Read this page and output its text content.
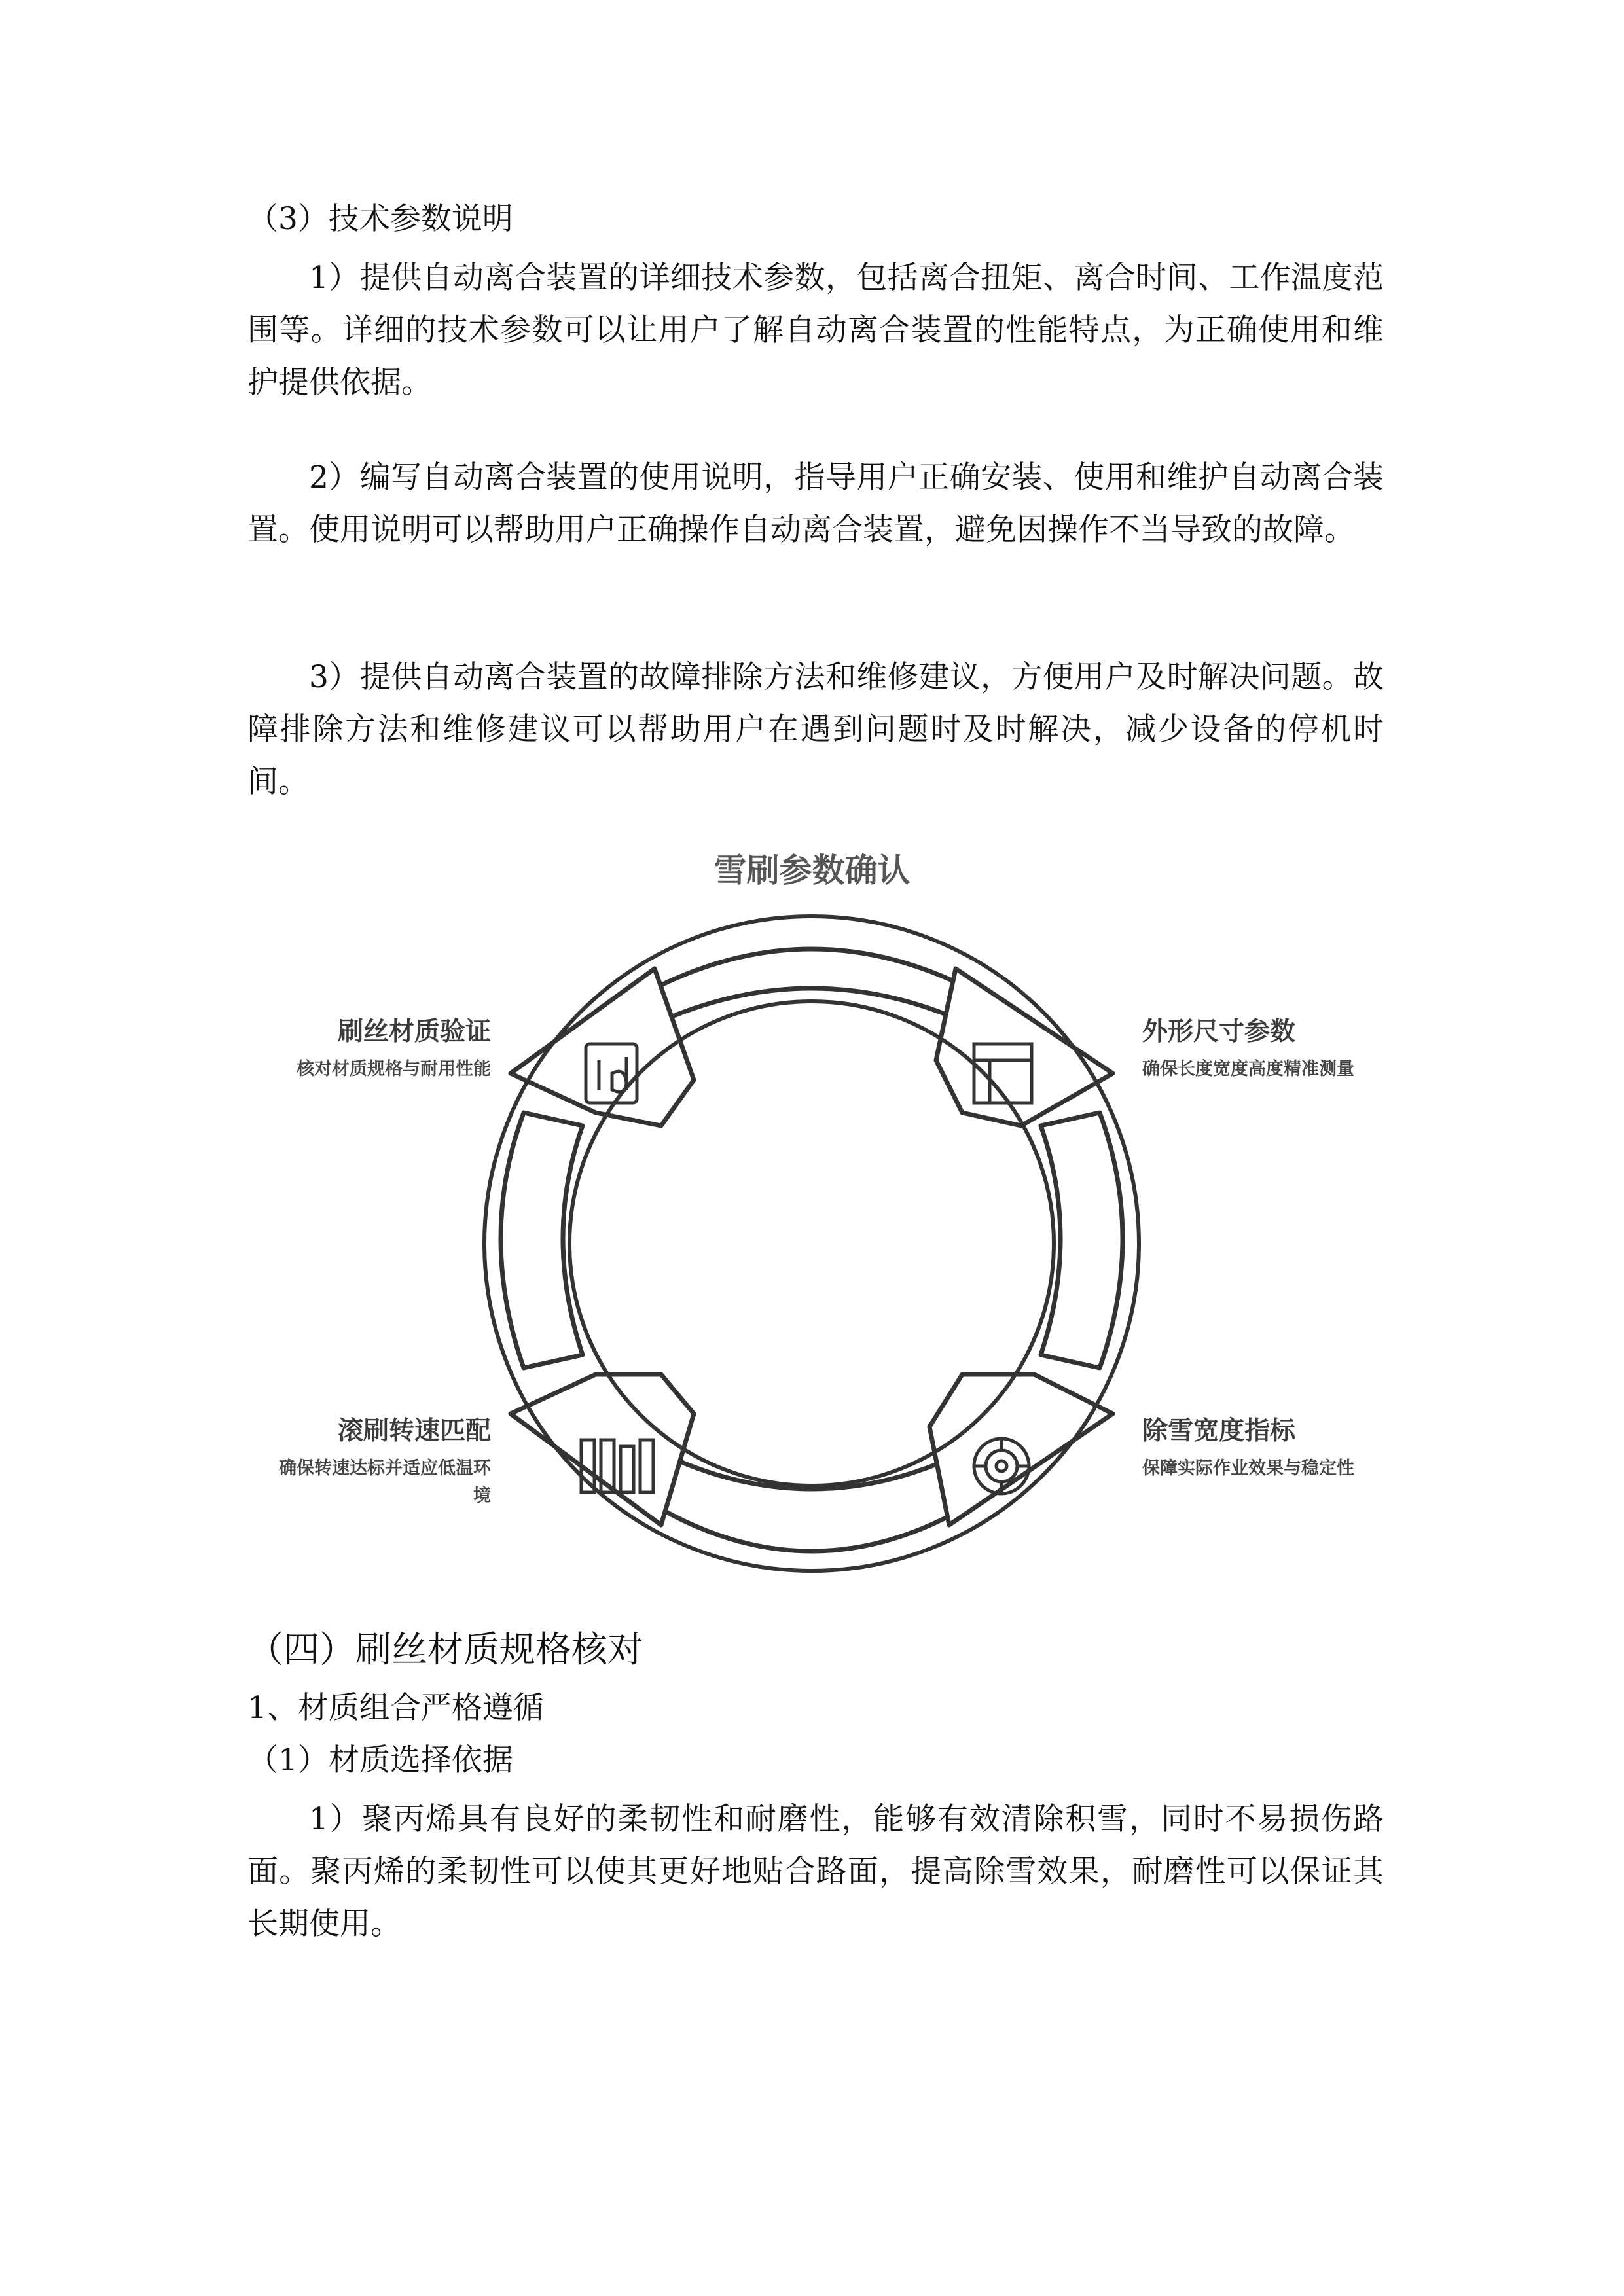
（3）技术参数说明

1）提供自动离合装置的详细技术参数，包括离合扭矩、离合时间、工作温度范围等。详细的技术参数可以让用户了解自动离合装置的性能特点，为正确使用和维护提供依据。

2）编写自动离合装置的使用说明，指导用户正确安装、使用和维护自动离合装置。使用说明可以帮助用户正确操作自动离合装置，避免因操作不当导致的故障。

3）提供自动离合装置的故障排除方法和维修建议，方便用户及时解决问题。故障排除方法和维修建议可以帮助用户在遇到问题时及时解决，减少设备的停机时间。

雪刷参数确认

刷丝材质验证

核对材质规格与耐用性能

外形尺寸参数

确保长度宽度高度精准测量

滚刷转速匹配

确保转速达标并适应低温环境

除雪宽度指标

保障实际作业效果与稳定性

（四）刷丝材质规格核对

1、材质组合严格遵循

（1）材质选择依据

1）聚丙烯具有良好的柔韧性和耐磨性，能够有效清除积雪，同时不易损伤路面。聚丙烯的柔韧性可以使其更好地贴合路面，提高除雪效果，耐磨性可以保证其长期使用。
